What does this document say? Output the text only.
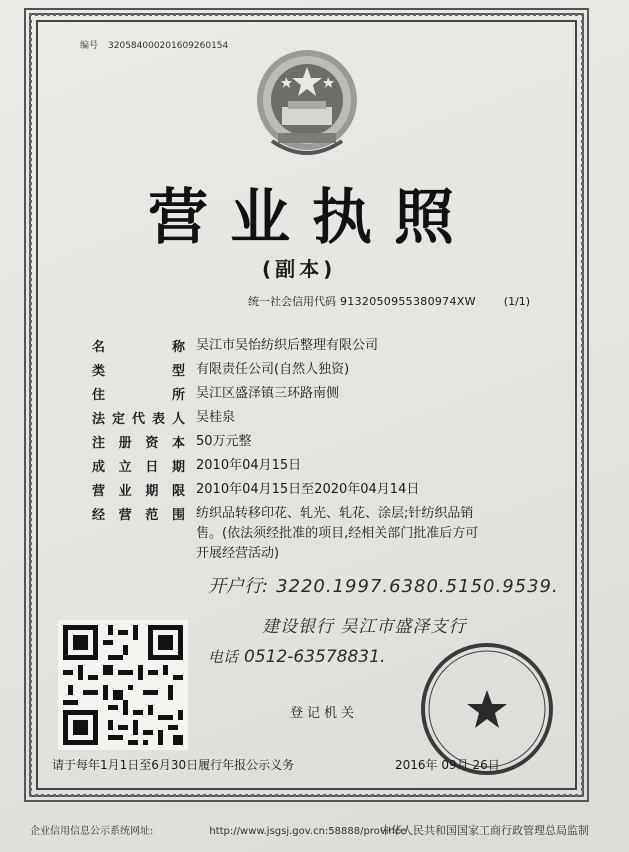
编号 320584000201609260154
营业执照
(副本)
统一社会信用代码 913205095538097​4XW	(1/1)
名	称 吴江市吴怡纺织后整理有限公司
类	型 有限责任公司(自然人独资)
住	所 吴江区盛泽镇三环路南侧
法 定 代 表 人 吴桂泉
注 册 资 本 50万元整
成 立 日 期 2010年04月15日
营 业 期 限 2010年04月15日至2020年04月14日
经 营 范 围 纺织品转移印花、轧光、轧花、涂层;针纺织品销售。(依法须经批准的项目,经相关部门批准后方可开展经营活动)
开户行: 3220.1997.6380.5150.9539.
建设银行 吴江市盛泽支行
电话 0512-63578831.
登记机关
请于每年1月1日至6月30日履行年报公示义务	2016年 09月 26日
企业信用信息公示系统网址:	http://www.jsgsj.gov.cn:58888/province
中华人民共和国国家工商行政管理总局监制
